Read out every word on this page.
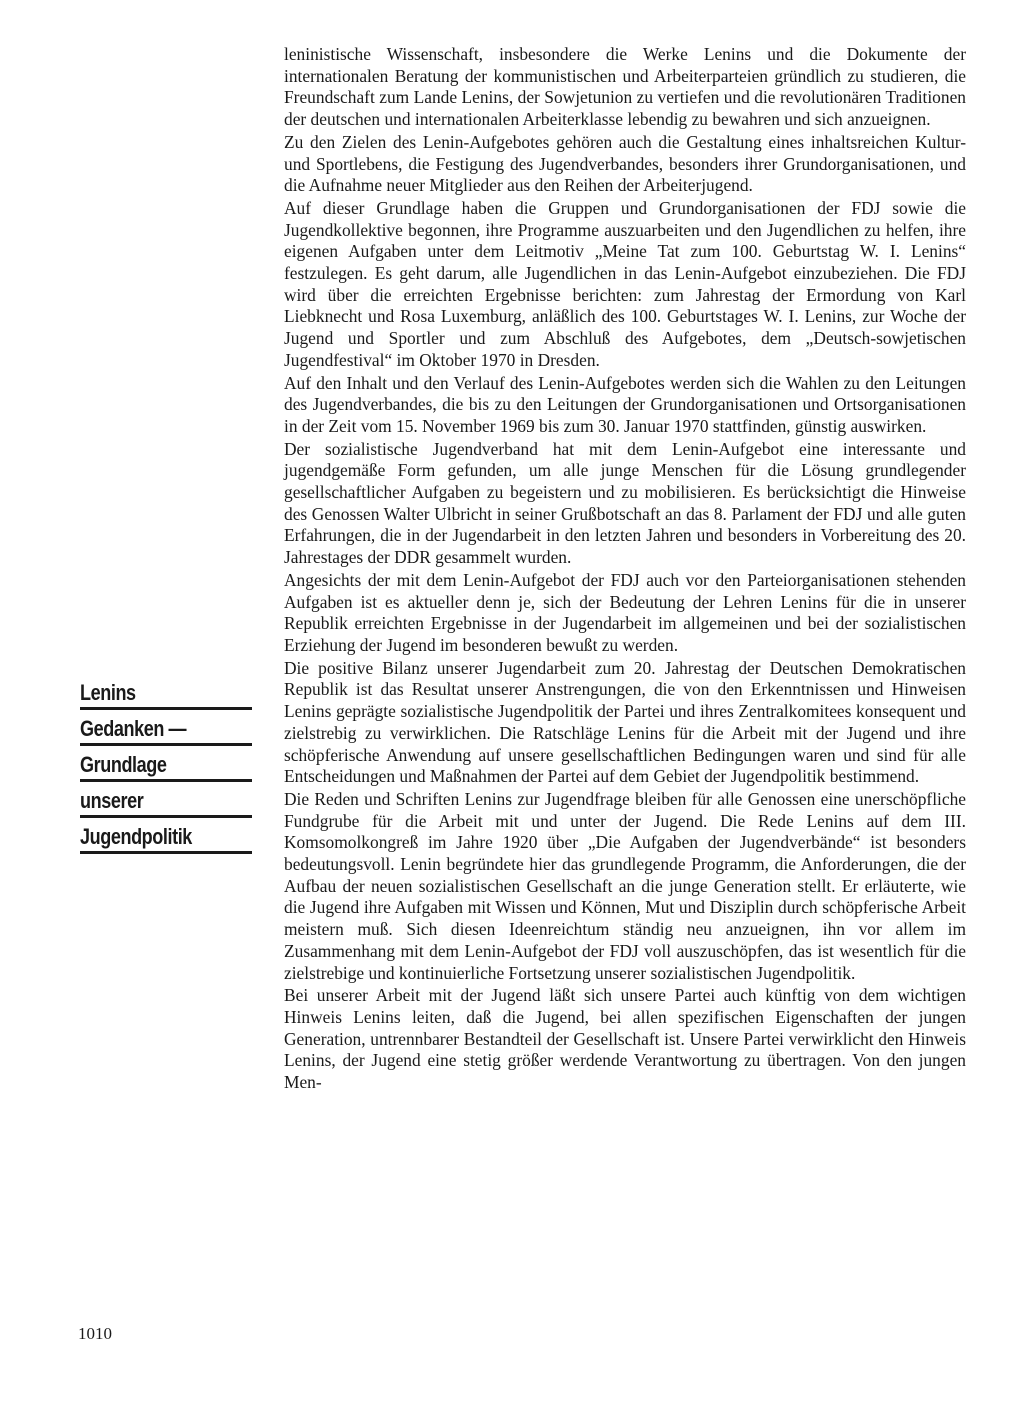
leninistische Wissenschaft, insbesondere die Werke Lenins und die Dokumente der internationalen Beratung der kommunistischen und Arbeiterparteien gründlich zu studieren, die Freundschaft zum Lande Lenins, der Sowjetunion zu vertiefen und die revolutionären Traditionen der deutschen und internationalen Arbeiterklasse lebendig zu bewahren und sich anzueignen.

Zu den Zielen des Lenin-Aufgebotes gehören auch die Gestaltung eines inhaltsreichen Kultur- und Sportlebens, die Festigung des Jugendverbandes, besonders ihrer Grundorganisationen, und die Aufnahme neuer Mitglieder aus den Reihen der Arbeiterjugend.

Auf dieser Grundlage haben die Gruppen und Grundorganisationen der FDJ sowie die Jugendkollektive begonnen, ihre Programme auszuarbeiten und den Jugendlichen zu helfen, ihre eigenen Aufgaben unter dem Leitmotiv „Meine Tat zum 100. Geburtstag W. I. Lenins“ festzulegen. Es geht darum, alle Jugendlichen in das Lenin-Aufgebot einzubeziehen. Die FDJ wird über die erreichten Ergebnisse berichten: zum Jahrestag der Ermordung von Karl Liebknecht und Rosa Luxemburg, anläßlich des 100. Geburtstages W. I. Lenins, zur Woche der Jugend und Sportler und zum Abschluß des Aufgebotes, dem „Deutsch-sowjetischen Jugendfestival“ im Oktober 1970 in Dresden.

Auf den Inhalt und den Verlauf des Lenin-Aufgebotes werden sich die Wahlen zu den Leitungen des Jugendverbandes, die bis zu den Leitungen der Grundorganisationen und Ortsorganisationen in der Zeit vom 15. November 1969 bis zum 30. Januar 1970 stattfinden, günstig auswirken.

Der sozialistische Jugendverband hat mit dem Lenin-Aufgebot eine interessante und jugendgemäße Form gefunden, um alle junge Menschen für die Lösung grundlegender gesellschaftlicher Aufgaben zu begeistern und zu mobilisieren. Es berücksichtigt die Hinweise des Genossen Walter Ulbricht in seiner Grußbotschaft an das 8. Parlament der FDJ und alle guten Erfahrungen, die in der Jugendarbeit in den letzten Jahren und besonders in Vorbereitung des 20. Jahrestages der DDR gesammelt wurden.

Angesichts der mit dem Lenin-Aufgebot der FDJ auch vor den Parteiorganisationen stehenden Aufgaben ist es aktueller denn je, sich der Bedeutung der Lehren Lenins für die in unserer Republik erreichten Ergebnisse in der Jugendarbeit im allgemeinen und bei der sozialistischen Erziehung der Jugend im besonderen bewußt zu werden.

Die positive Bilanz unserer Jugendarbeit zum 20. Jahrestag der Deutschen Demokratischen Republik ist das Resultat unserer Anstrengungen, die von den Erkenntnissen und Hinweisen Lenins geprägte sozialistische Jugendpolitik der Partei und ihres Zentralkomitees konsequent und zielstrebig zu verwirklichen. Die Ratschläge Lenins für die Arbeit mit der Jugend und ihre schöpferische Anwendung auf unsere gesellschaftlichen Bedingungen waren und sind für alle Entscheidungen und Maßnahmen der Partei auf dem Gebiet der Jugendpolitik bestimmend.

Die Reden und Schriften Lenins zur Jugendfrage bleiben für alle Genossen eine unerschöpfliche Fundgrube für die Arbeit mit und unter der Jugend. Die Rede Lenins auf dem III. Komsomolkongreß im Jahre 1920 über „Die Aufgaben der Jugendverbände“ ist besonders bedeutungsvoll. Lenin begründete hier das grundlegende Programm, die Anforderungen, die der Aufbau der neuen sozialistischen Gesellschaft an die junge Generation stellt. Er erläuterte, wie die Jugend ihre Aufgaben mit Wissen und Können, Mut und Disziplin durch schöpferische Arbeit meistern muß. Sich diesen Ideenreichtum ständig neu anzueignen, ihn vor allem im Zusammenhang mit dem Lenin-Aufgebot der FDJ voll auszuschöpfen, das ist wesentlich für die zielstrebige und kontinuierliche Fortsetzung unserer sozialistischen Jugendpolitik.

Bei unserer Arbeit mit der Jugend läßt sich unsere Partei auch künftig von dem wichtigen Hinweis Lenins leiten, daß die Jugend, bei allen spezifischen Eigenschaften der jungen Generation, untrennbarer Bestandteil der Gesellschaft ist. Unsere Partei verwirklicht den Hinweis Lenins, der Jugend eine stetig größer werdende Verantwortung zu übertragen. Von den jungen Men-

Lenins
Gedanken —
Grundlage
unserer
Jugendpolitik
1010
